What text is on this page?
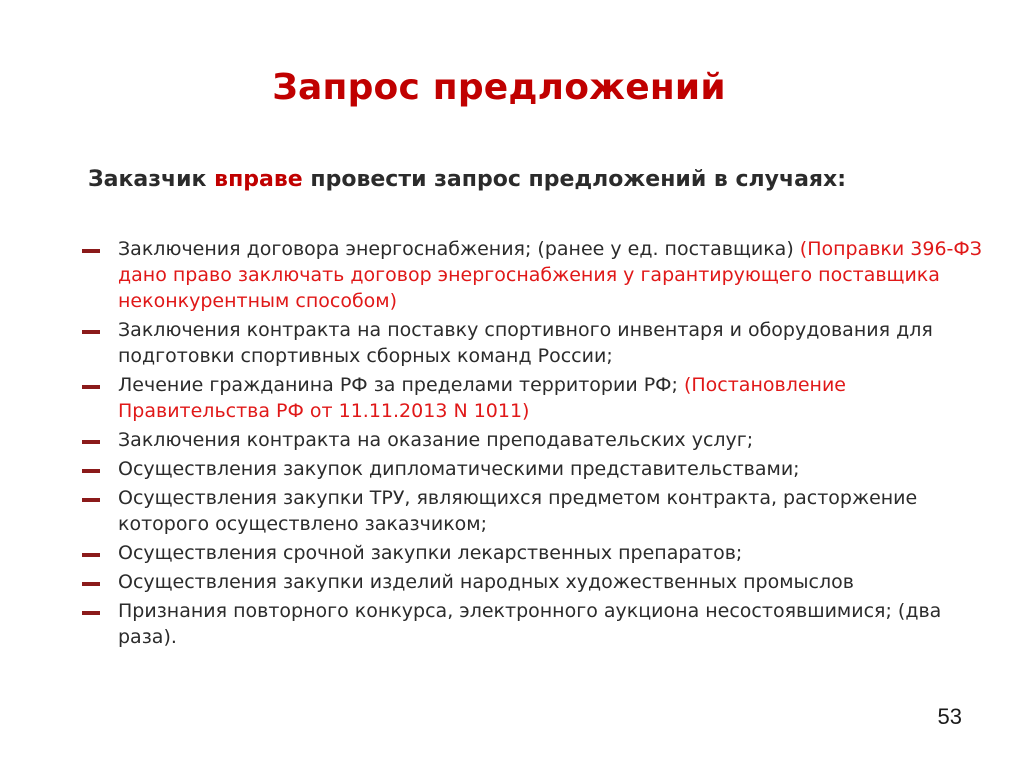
Запрос предложений
Заказчик вправе провести запрос предложений в случаях:
Заключения договора энергоснабжения; (ранее у ед. поставщика) (Поправки 396-ФЗ дано право заключать договор энергоснабжения у гарантирующего поставщика неконкурентным способом)
Заключения контракта на поставку спортивного инвентаря и оборудования для подготовки спортивных сборных команд России;
Лечение гражданина РФ за пределами территории РФ; (Постановление Правительства РФ от 11.11.2013 N 1011)
Заключения контракта на оказание преподавательских услуг;
Осуществления закупок дипломатическими представительствами;
Осуществления закупки ТРУ, являющихся предметом контракта, расторжение которого осуществлено заказчиком;
Осуществления срочной закупки лекарственных препаратов;
Осуществления закупки изделий народных художественных промыслов
Признания повторного конкурса, электронного аукциона несостоявшимися; (два раза).
53
